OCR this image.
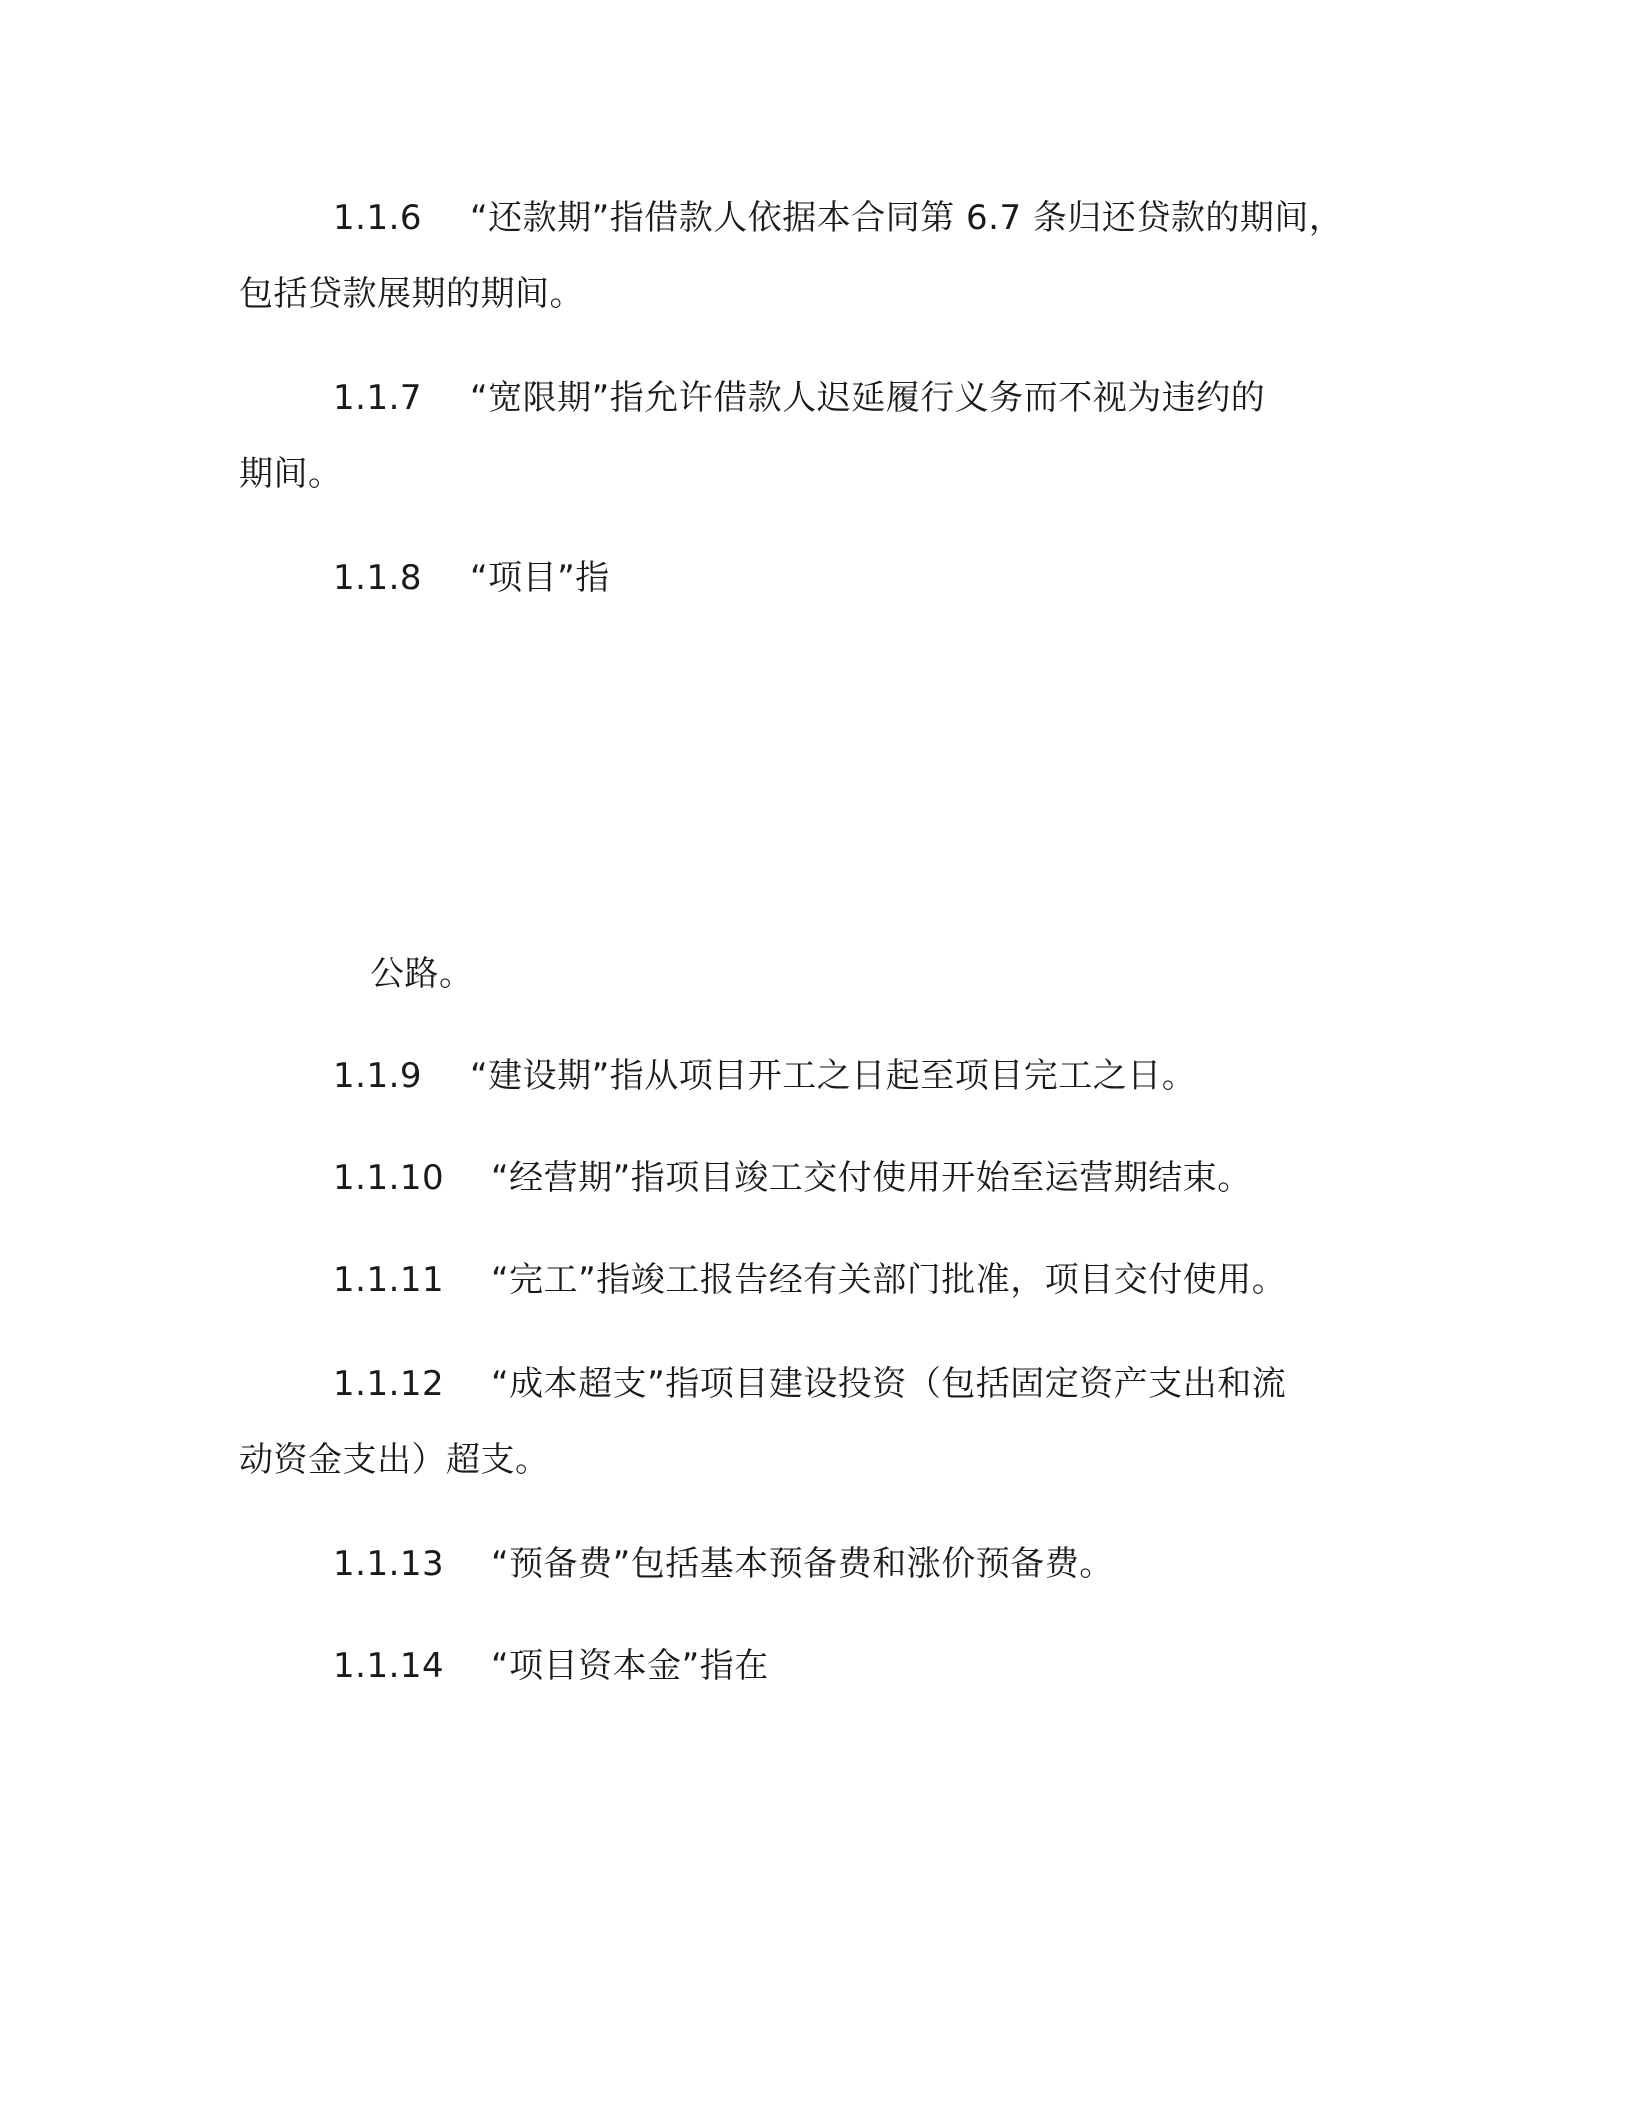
1.1.6 “还款期”指借款人依据本合同第 6.7 条归还贷款的期间，
包括贷款展期的期间。
1.1.7 “宽限期”指允许借款人迟延履行义务而不视为违约的
期间。
1.1.8 “项目”指
公路。
1.1.9 “建设期”指从项目开工之日起至项目完工之日。
1.1.10 “经营期”指项目竣工交付使用开始至运营期结束。
1.1.11 “完工”指竣工报告经有关部门批准，项目交付使用。
1.1.12 “成本超支”指项目建设投资（包括固定资产支出和流
动资金支出）超支。
1.1.13 “预备费”包括基本预备费和涨价预备费。
1.1.14 “项目资本金”指在
